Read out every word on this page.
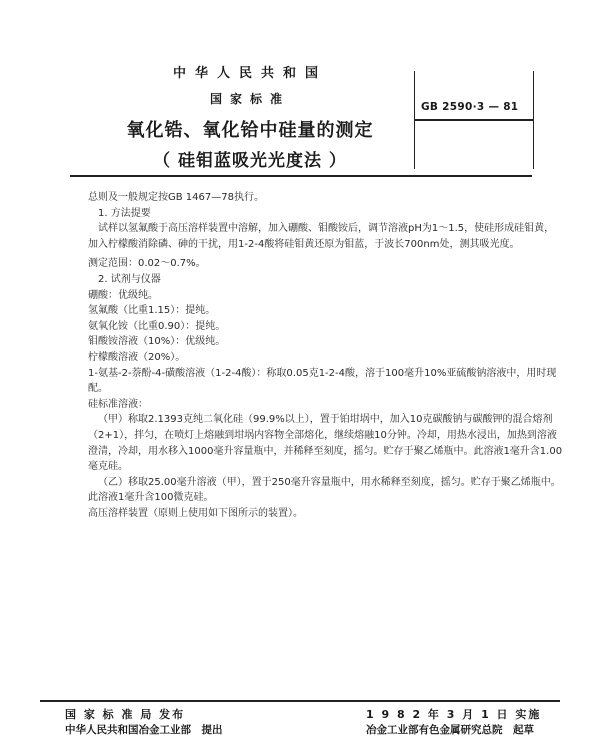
中华人民共和国
国家标准
氧化锆、氧化铪中硅量的测定
（ 硅钼蓝吸光光度法 ）
GB 2590·3 — 81

总则及一般规定按GB 1467—78执行。

1. 方法提要

试样以氢氟酸于高压溶样装置中溶解，加入硼酸、钼酸铵后，调节溶液pH为1～1.5，使硅形成硅钼黄，加入柠檬酸消除磷、砷的干扰，用1-2-4酸将硅钼黄还原为钼蓝，于波长700nm处，测其吸光度。

测定范围：0.02～0.7%。

2. 试剂与仪器

硼酸：优级纯。

氢氟酸（比重1.15）：提纯。

氨氧化铵（比重0.90）：提纯。

钼酸铵溶液（10%）：优级纯。

柠檬酸溶液（20%）。

1-氨基-2-萘酚-4-磺酸溶液（1-2-4酸）：称取0.05克1-2-4酸，溶于100毫升10%亚硫酸钠溶液中，用时现配。

硅标准溶液：

（甲）称取2.1393克纯二氧化硅（99.9%以上），置于铂坩埚中，加入10克碳酸钠与碳酸钾的混合熔剂（2+1），拌匀，在喷灯上熔融到坩埚内容物全部熔化，继续熔融10分钟。冷却，用热水浸出，加热到溶液澄清，冷却，用水移入1000毫升容量瓶中，并稀释至刻度，摇匀。贮存于聚乙烯瓶中。此溶液1毫升含1.00毫克硅。

（乙）移取25.00毫升溶液（甲），置于250毫升容量瓶中，用水稀释至刻度，摇匀。贮存于聚乙烯瓶中。此溶液1毫升含100微克硅。

高压溶样装置（原则上使用如下图所示的装置）。

国 家 标 准 局 发布
中华人民共和国冶金工业部　提出
1 9 8 2 年 3 月 1 日 实施
冶金工业部有色金属研究总院　起草
